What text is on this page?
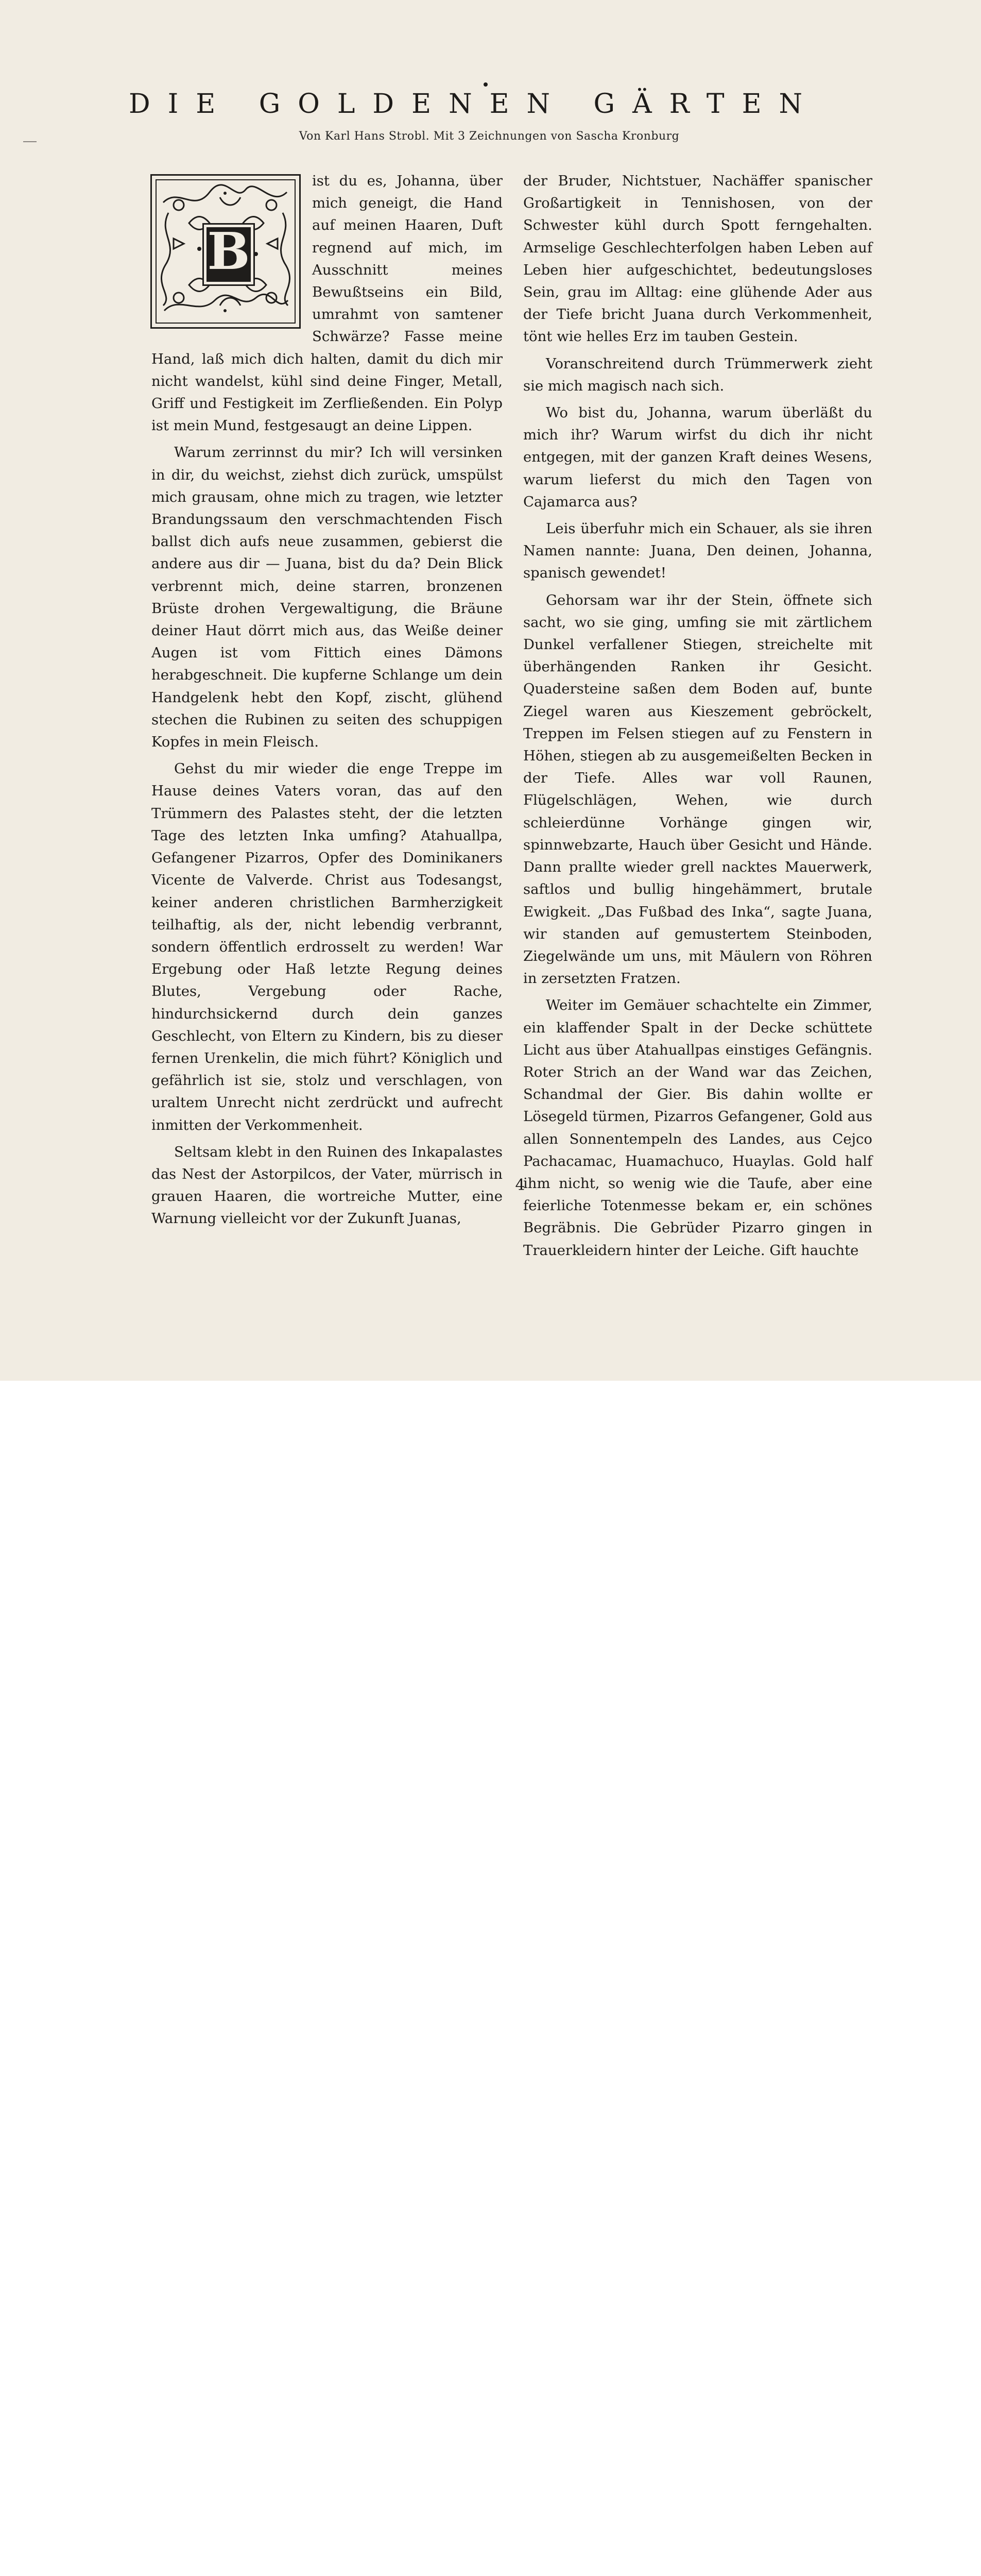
DIE GOLDENEN GÄRTEN
Von Karl Hans Strobl. Mit 3 Zeichnungen von Sascha Kronburg
B

ist du es, Johanna, über mich geneigt, die Hand auf meinen Haaren, Duft regnend auf mich, im Ausschnitt meines Bewußtseins ein Bild, umrahmt von samtener Schwärze? Fasse meine Hand, laß mich dich halten, damit du dich mir nicht wandelst, kühl sind deine Finger, Metall, Griff und Festigkeit im Zerfließenden. Ein Polyp ist mein Mund, festgesaugt an deine Lippen.

Warum zerrinnst du mir? Ich will versinken in dir, du weichst, ziehst dich zurück, umspülst mich grausam, ohne mich zu tragen, wie letzter Brandungssaum den verschmachtenden Fisch ballst dich aufs neue zusammen, gebierst die andere aus dir — Juana, bist du da? Dein Blick verbrennt mich, deine starren, bronzenen Brüste drohen Vergewaltigung, die Bräune deiner Haut dörrt mich aus, das Weiße deiner Augen ist vom Fittich eines Dämons herabgeschneit. Die kupferne Schlange um dein Handgelenk hebt den Kopf, zischt, glühend stechen die Rubinen zu seiten des schuppigen Kopfes in mein Fleisch.

Gehst du mir wieder die enge Treppe im Hause deines Vaters voran, das auf den Trümmern des Palastes steht, der die letzten Tage des letzten Inka umfing? Atahuallpa, Gefangener Pizarros, Opfer des Dominikaners Vicente de Valverde. Christ aus Todesangst, keiner anderen christlichen Barmherzigkeit teilhaftig, als der, nicht lebendig verbrannt, sondern öffentlich erdrosselt zu werden! War Ergebung oder Haß letzte Regung deines Blutes, Vergebung oder Rache, hindurchsickernd durch dein ganzes Geschlecht, von Eltern zu Kindern, bis zu dieser fernen Urenkelin, die mich führt? Königlich und gefährlich ist sie, stolz und verschlagen, von uraltem Unrecht nicht zerdrückt und aufrecht inmitten der Verkommenheit.

Seltsam klebt in den Ruinen des Inkapalastes das Nest der Astorpilcos, der Vater, mürrisch in grauen Haaren, die wortreiche Mutter, eine Warnung vielleicht vor der Zukunft Juanas,

der Bruder, Nichtstuer, Nachäffer spanischer Großartigkeit in Tennishosen, von der Schwester kühl durch Spott ferngehalten. Armselige Geschlechterfolgen haben Leben auf Leben hier aufgeschichtet, bedeutungsloses Sein, grau im Alltag: eine glühende Ader aus der Tiefe bricht Juana durch Verkommenheit, tönt wie helles Erz im tauben Gestein.

Voranschreitend durch Trümmerwerk zieht sie mich magisch nach sich.

Wo bist du, Johanna, warum überläßt du mich ihr? Warum wirfst du dich ihr nicht entgegen, mit der ganzen Kraft deines Wesens, warum lieferst du mich den Tagen von Cajamarca aus?

Leis überfuhr mich ein Schauer, als sie ihren Namen nannte: Juana, Den deinen, Johanna, spanisch gewendet!

Gehorsam war ihr der Stein, öffnete sich sacht, wo sie ging, umfing sie mit zärtlichem Dunkel verfallener Stiegen, streichelte mit überhängenden Ranken ihr Gesicht. Quadersteine saßen dem Boden auf, bunte Ziegel waren aus Kieszement gebröckelt, Treppen im Felsen stiegen auf zu Fenstern in Höhen, stiegen ab zu ausgemeißelten Becken in der Tiefe. Alles war voll Raunen, Flügelschlägen, Wehen, wie durch schleierdünne Vorhänge gingen wir, spinnwebzarte, Hauch über Gesicht und Hände. Dann prallte wieder grell nacktes Mauerwerk, saftlos und bullig hingehämmert, brutale Ewigkeit. „Das Fußbad des Inka“, sagte Juana, wir standen auf gemustertem Steinboden, Ziegelwände um uns, mit Mäulern von Röhren in zersetzten Fratzen.

Weiter im Gemäuer schachtelte ein Zimmer, ein klaffender Spalt in der Decke schüttete Licht aus über Atahuallpas einstiges Gefängnis. Roter Strich an der Wand war das Zeichen, Schandmal der Gier. Bis dahin wollte er Lösegeld türmen, Pizarros Gefangener, Gold aus allen Sonnentempeln des Landes, aus Cejco Pachacamac, Huamachuco, Huaylas. Gold half ihm nicht, so wenig wie die Taufe, aber eine feierliche Totenmesse bekam er, ein schönes Begräbnis. Die Gebrüder Pizarro gingen in Trauerkleidern hinter der Leiche. Gift hauchte

4
